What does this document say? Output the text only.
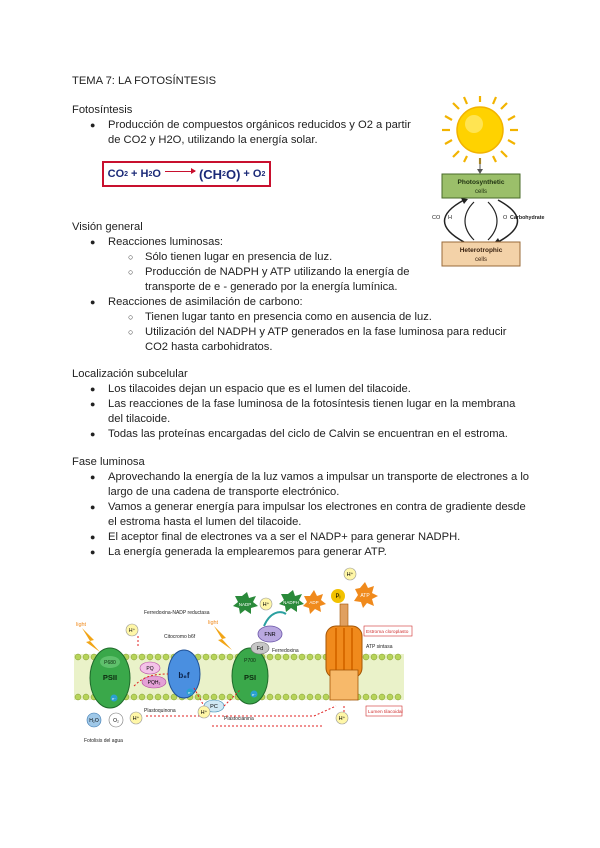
TEMA 7: LA FOTOSÍNTESIS
Fotosíntesis
● Producción de compuestos orgánicos reducidos y O2 a partir
de CO2 y H2O, utilizando la energía solar.
CO 2 + H 2 O	(CH 2 O) + O 2
Photosynthetic
cells
CO H	O Carbohydrate
Heterotrophic
cells
Visión general
● Reacciones luminosas:
○ Sólo tienen lugar en presencia de luz.
○ Producción de NADPH y ATP utilizando la energía de
transporte de e - generado por la energía lumínica.
● Reacciones de asimilación de carbono:
○ Tienen lugar tanto en presencia como en ausencia de luz.
○ Utilización del NADPH y ATP generados en la fase luminosa para reducir
CO2 hasta carbohidratos.
Localización subcelular
● Los tilacoides dejan un espacio que es el lumen del tilacoide.
● Las reacciones de la fase luminosa de la fotosíntesis tienen lugar en la membrana
del tilacoide.
● Todas las proteínas encargadas del ciclo de Calvin se encuentran en el estroma.
Fase luminosa
● Aprovechando la energía de la luz vamos a impulsar un transporte de electrones a lo
largo de una cadena de transporte electrónico.
● Vamos a generar energía para impulsar los electrones en contra de gradiente desde
el estroma hasta el lumen del tilacoide.
● El aceptor final de electrones va a ser el NADP+ para generar NADPH.
● La energía generada la emplearemos para generar ATP.
light	light
P680
PSII
H⁺
PQ
PQH₂
Plastoquinona
b₆f
Citocromo b6f
Ferredoxina-NADP reductasa
PC
Plastocianina
P700
PSI
FNR
Fd Ferredoxina
NADP H⁺	NADPH
ATP sintasa
ADP
Pᵢ	ATP
H⁺
Estroma cloroplasto
Lumen tilacoidal
H₂O	O₂ H⁺
Fotolisis del agua
H⁺
H⁺
e⁻
e⁻	e⁻
